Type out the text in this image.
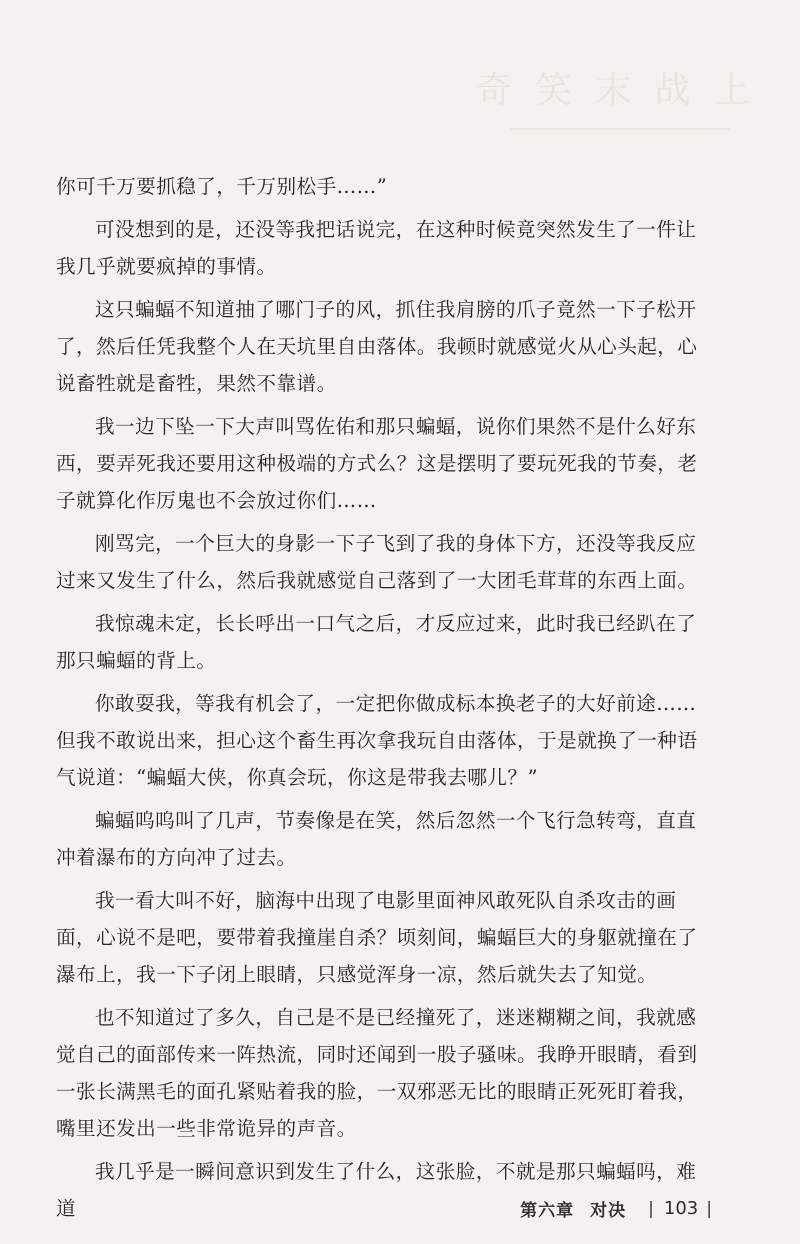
奇 笑 末 战 上

你可千万要抓稳了，千万别松手……”

可没想到的是，还没等我把话说完，在这种时候竟突然发生了一件让我几乎就要疯掉的事情。

这只蝙蝠不知道抽了哪门子的风，抓住我肩膀的爪子竟然一下子松开了，然后任凭我整个人在天坑里自由落体。我顿时就感觉火从心头起，心说畜牲就是畜牲，果然不靠谱。

我一边下坠一下大声叫骂佐佑和那只蝙蝠，说你们果然不是什么好东西，要弄死我还要用这种极端的方式么？这是摆明了要玩死我的节奏，老子就算化作厉鬼也不会放过你们……

刚骂完，一个巨大的身影一下子飞到了我的身体下方，还没等我反应过来又发生了什么，然后我就感觉自己落到了一大团毛茸茸的东西上面。

我惊魂未定，长长呼出一口气之后，才反应过来，此时我已经趴在了那只蝙蝠的背上。

你敢耍我，等我有机会了，一定把你做成标本换老子的大好前途……但我不敢说出来，担心这个畜生再次拿我玩自由落体，于是就换了一种语气说道：“蝙蝠大侠，你真会玩，你这是带我去哪儿？”

蝙蝠呜呜叫了几声，节奏像是在笑，然后忽然一个飞行急转弯，直直冲着瀑布的方向冲了过去。

我一看大叫不好，脑海中出现了电影里面神风敢死队自杀攻击的画面，心说不是吧，要带着我撞崖自杀？顷刻间，蝙蝠巨大的身躯就撞在了瀑布上，我一下子闭上眼睛，只感觉浑身一凉，然后就失去了知觉。

也不知道过了多久，自己是不是已经撞死了，迷迷糊糊之间，我就感觉自己的面部传来一阵热流，同时还闻到一股子骚味。我睁开眼睛，看到一张长满黑毛的面孔紧贴着我的脸，一双邪恶无比的眼睛正死死盯着我，嘴里还发出一些非常诡异的声音。

我几乎是一瞬间意识到发生了什么，这张脸，不就是那只蝙蝠吗，难道	第六章 对决 | 103 |
